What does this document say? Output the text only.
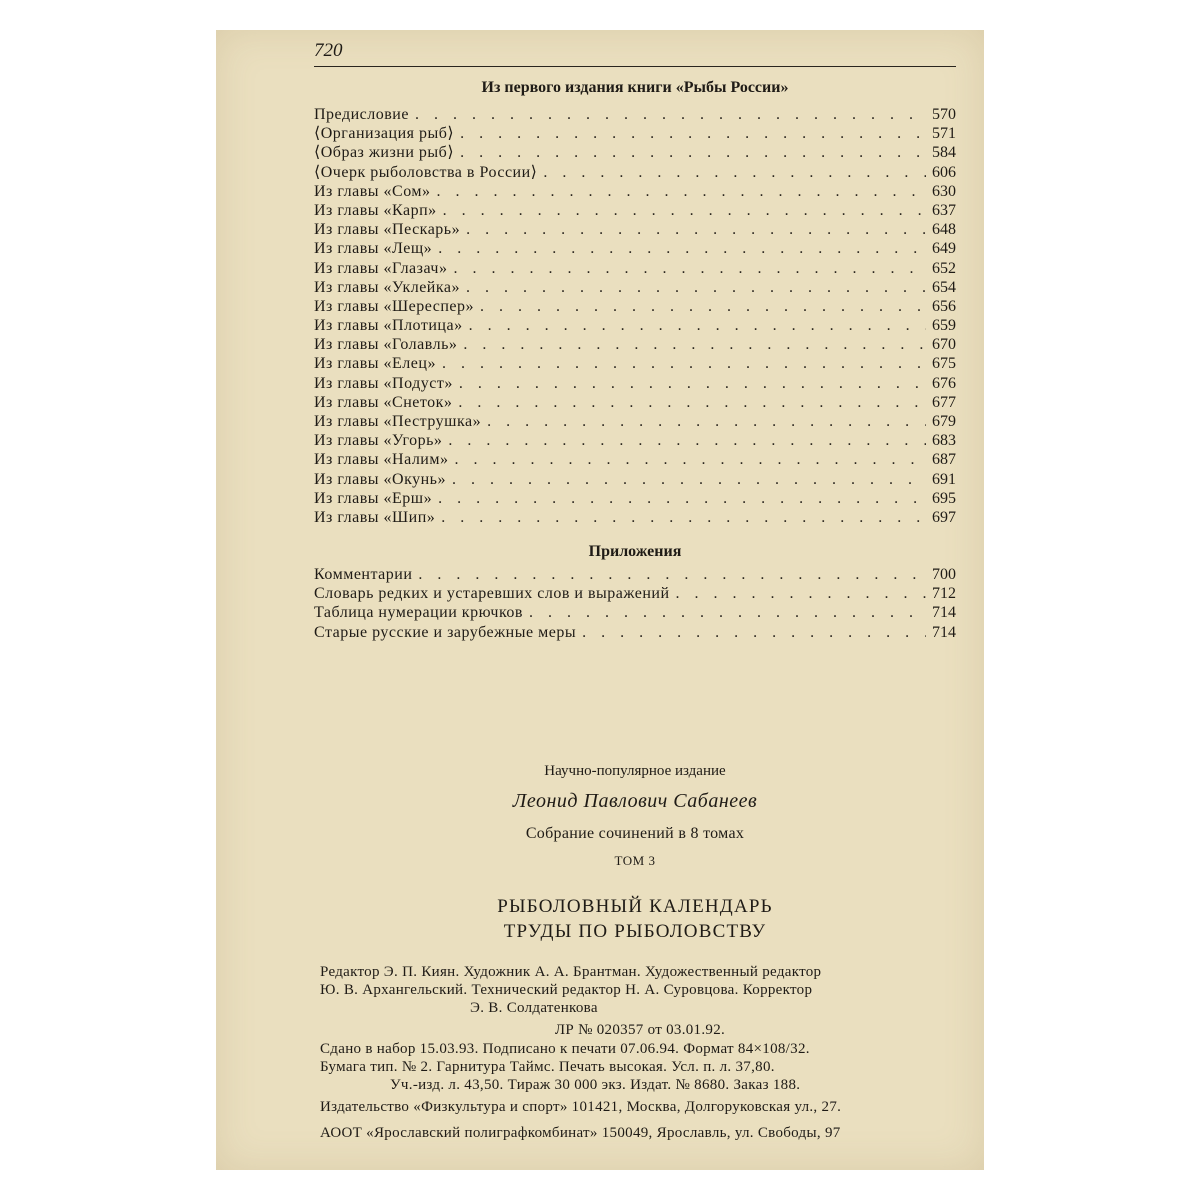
720
Из первого издания книги «Рыбы России»
Предисловие . . .	570
⟨Организация рыб⟩ . . .	571
⟨Образ жизни рыб⟩ . . .	584
⟨Очерк рыболовства в России⟩ . . .	606
Из главы «Сом» . . .	630
Из главы «Карп» . . .	637
Из главы «Пескарь» . . .	648
Из главы «Лещ» . . .	649
Из главы «Глазач» . . .	652
Из главы «Уклейка» . . .	654
Из главы «Шереспер» . . .	656
Из главы «Плотица» . . .	659
Из главы «Голавль» . . .	670
Из главы «Елец» . . .	675
Из главы «Подуст» . . .	676
Из главы «Снеток» . . .	677
Из главы «Пеструшка» . . .	679
Из главы «Угорь» . . .	683
Из главы «Налим» . . .	687
Из главы «Окунь» . . .	691
Из главы «Ерш» . . .	695
Из главы «Шип» . . .	697
Приложения
Комментарии . . .	700
Словарь редких и устаревших слов и выражений . . .	712
Таблица нумерации крючков . . .	714
Старые русские и зарубежные меры . . .	714
Научно-популярное издание
Леонид Павлович Сабанеев
Собрание сочинений в 8 томах
ТОМ 3
РЫБОЛОВНЫЙ КАЛЕНДАРЬ
ТРУДЫ ПО РЫБОЛОВСТВУ

Редактор Э. П. Киян. Художник А. А. Брантман. Художественный редактор

Ю. В. Архангельский. Технический редактор Н. А. Суровцова. Корректор

Э. В. Солдатенкова

ЛР № 020357 от 03.01.92.

Сдано в набор 15.03.93. Подписано к печати 07.06.94. Формат 84×108/32.

Бумага тип. № 2. Гарнитура Таймс. Печать высокая. Усл. п. л. 37,80.

Уч.-изд. л. 43,50. Тираж 30 000 экз. Издат. № 8680. Заказ 188.

Издательство «Физкультура и спорт» 101421, Москва, Долгоруковская ул., 27.
АООТ «Ярославский полиграфкомбинат» 150049, Ярославль, ул. Свободы, 97
